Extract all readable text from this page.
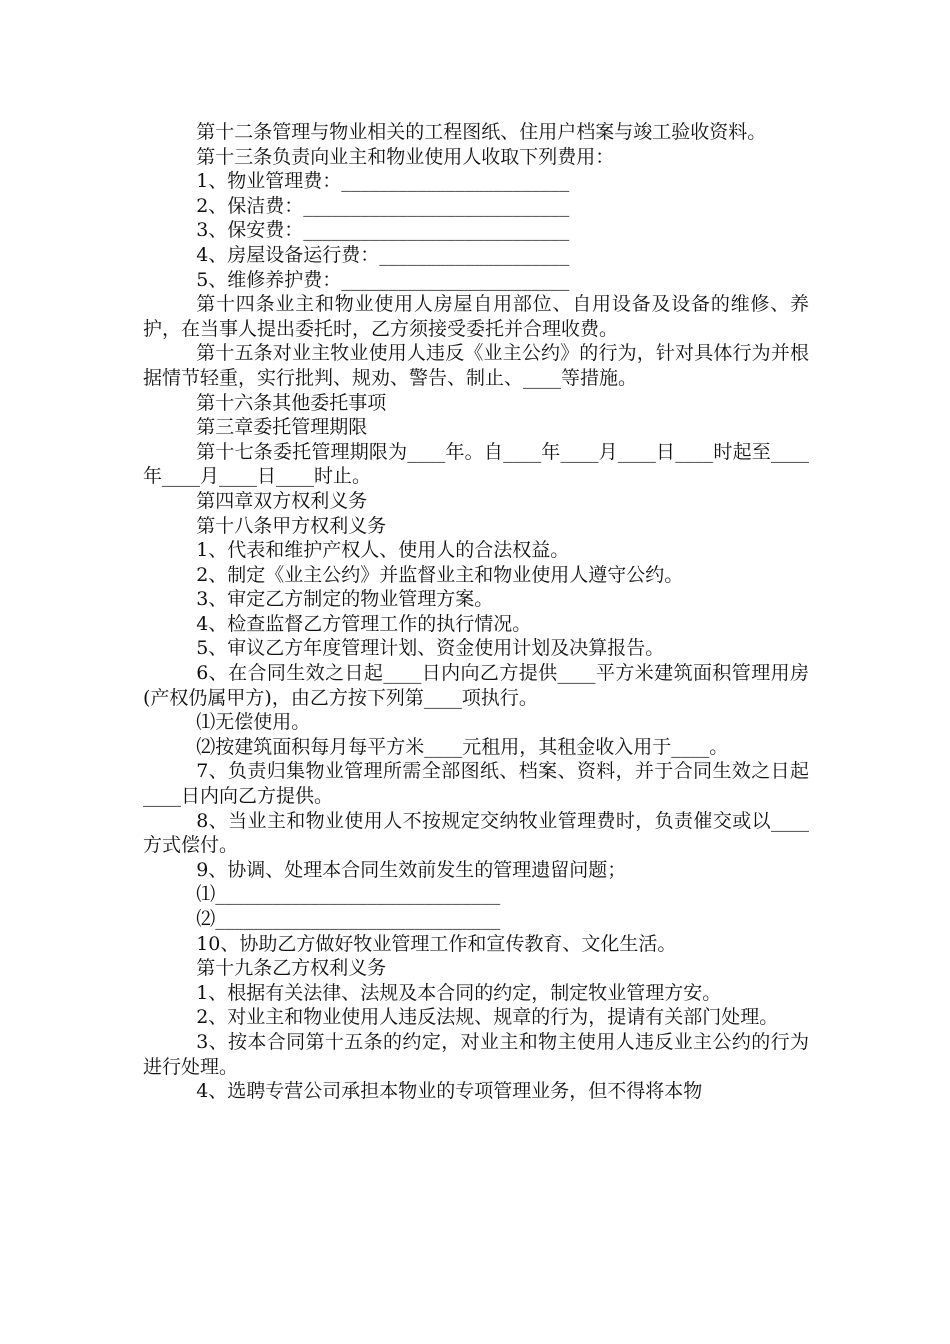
第十二条管理与物业相关的工程图纸、住用户档案与竣工验收资料。
第十三条负责向业主和物业使用人收取下列费用：
1、物业管理费：________________________
2、保洁费：____________________________
3、保安费：____________________________
4、房屋设备运行费：____________________
5、维修养护费：________________________
第十四条业主和物业使用人房屋自用部位、自用设备及设备的维修、养护，在当事人提出委托时，乙方须接受委托并合理收费。
第十五条对业主牧业使用人违反《业主公约》的行为，针对具体行为并根据情节轻重，实行批判、规劝、警告、制止、____等措施。
第十六条其他委托事项
第三章委托管理期限
第十七条委托管理期限为____年。自____年____月____日____时起至____年____月____日____时止。
第四章双方权利义务
第十八条甲方权利义务
1、代表和维护产权人、使用人的合法权益。
2、制定《业主公约》并监督业主和物业使用人遵守公约。
3、审定乙方制定的物业管理方案。
4、检查监督乙方管理工作的执行情况。
5、审议乙方年度管理计划、资金使用计划及决算报告。
6、在合同生效之日起____日内向乙方提供____平方米建筑面积管理用房(产权仍属甲方)，由乙方按下列第____项执行。
⑴无偿使用。
⑵按建筑面积每月每平方米____元租用，其租金收入用于____。
7、负责归集物业管理所需全部图纸、档案、资料，并于合同生效之日起____日内向乙方提供。
8、当业主和物业使用人不按规定交纳牧业管理费时，负责催交或以____方式偿付。
9、协调、处理本合同生效前发生的管理遗留问题；
⑴______________________________
⑵______________________________
10、协助乙方做好牧业管理工作和宣传教育、文化生活。
第十九条乙方权利义务
1、根据有关法律、法规及本合同的约定，制定牧业管理方安。
2、对业主和物业使用人违反法规、规章的行为，提请有关部门处理。
3、按本合同第十五条的约定，对业主和物主使用人违反业主公约的行为进行处理。
4、选聘专营公司承担本物业的专项管理业务，但不得将本物
